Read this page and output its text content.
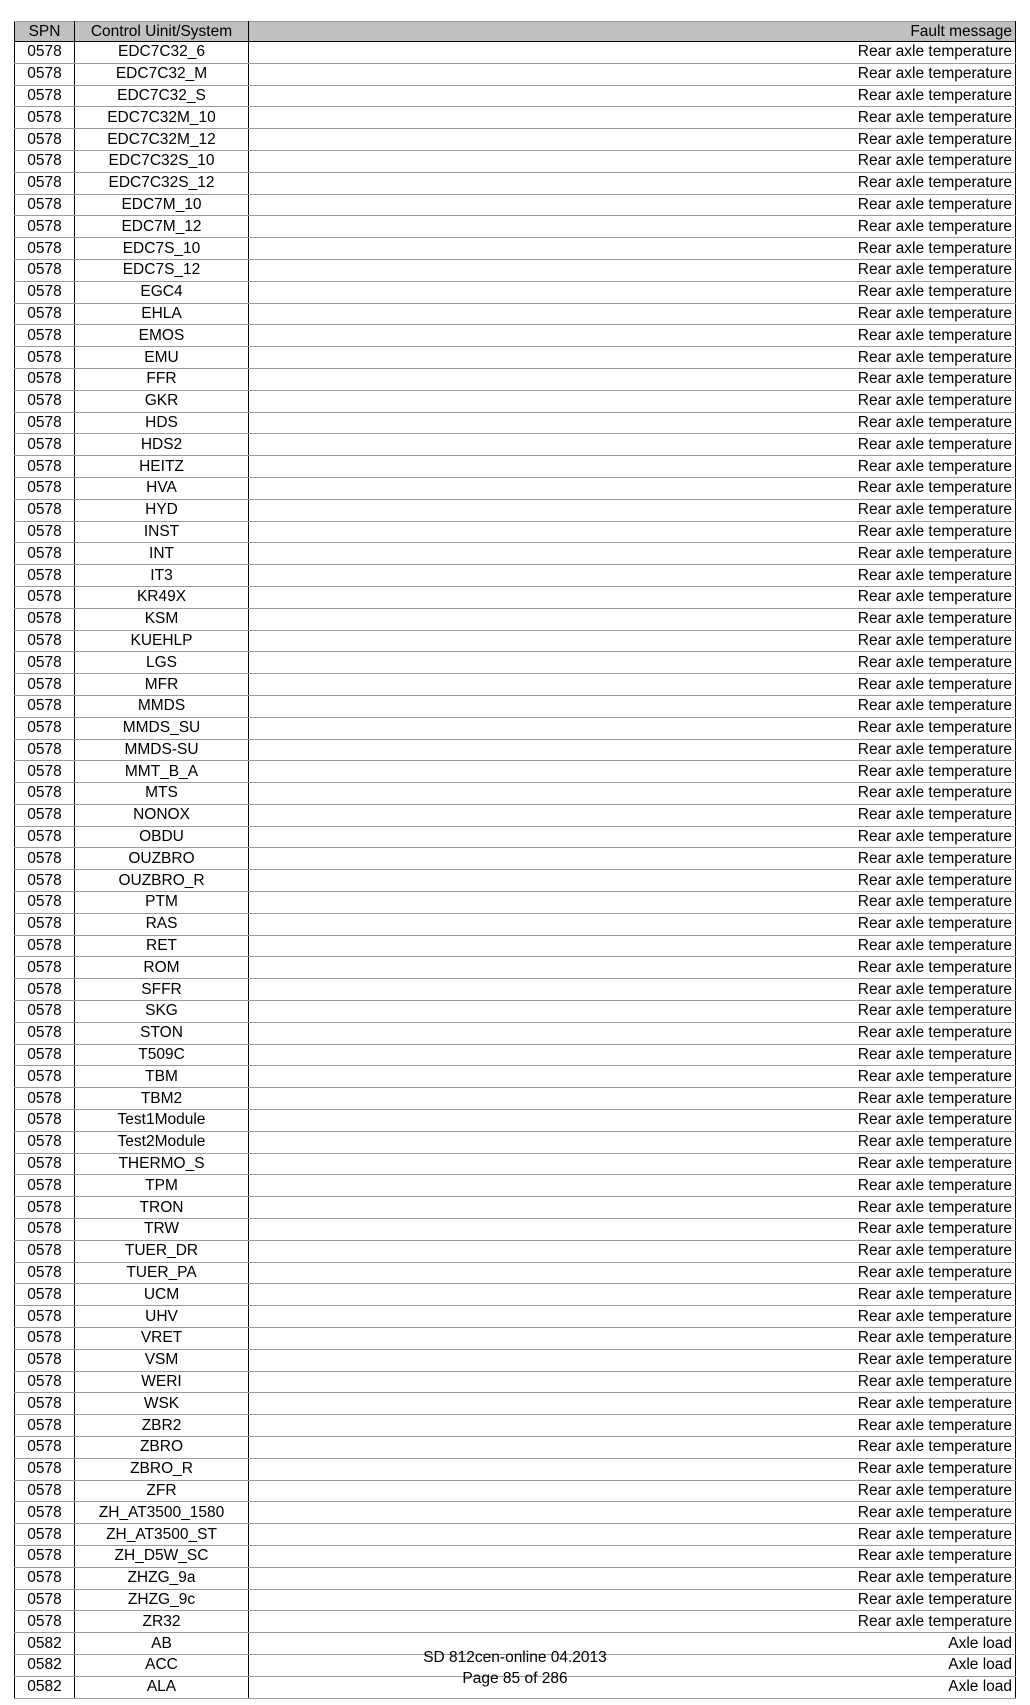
SPN	Control Uinit/System	Fault message
0578	EDC7C32_6	Rear axle temperature
0578	EDC7C32_M	Rear axle temperature
0578	EDC7C32_S	Rear axle temperature
0578	EDC7C32M_10	Rear axle temperature
0578	EDC7C32M_12	Rear axle temperature
0578	EDC7C32S_10	Rear axle temperature
0578	EDC7C32S_12	Rear axle temperature
0578	EDC7M_10	Rear axle temperature
0578	EDC7M_12	Rear axle temperature
0578	EDC7S_10	Rear axle temperature
0578	EDC7S_12	Rear axle temperature
0578	EGC4	Rear axle temperature
0578	EHLA	Rear axle temperature
0578	EMOS	Rear axle temperature
0578	EMU	Rear axle temperature
0578	FFR	Rear axle temperature
0578	GKR	Rear axle temperature
0578	HDS	Rear axle temperature
0578	HDS2	Rear axle temperature
0578	HEITZ	Rear axle temperature
0578	HVA	Rear axle temperature
0578	HYD	Rear axle temperature
0578	INST	Rear axle temperature
0578	INT	Rear axle temperature
0578	IT3	Rear axle temperature
0578	KR49X	Rear axle temperature
0578	KSM	Rear axle temperature
0578	KUEHLP	Rear axle temperature
0578	LGS	Rear axle temperature
0578	MFR	Rear axle temperature
0578	MMDS	Rear axle temperature
0578	MMDS_SU	Rear axle temperature
0578	MMDS-SU	Rear axle temperature
0578	MMT_B_A	Rear axle temperature
0578	MTS	Rear axle temperature
0578	NONOX	Rear axle temperature
0578	OBDU	Rear axle temperature
0578	OUZBRO	Rear axle temperature
0578	OUZBRO_R	Rear axle temperature
0578	PTM	Rear axle temperature
0578	RAS	Rear axle temperature
0578	RET	Rear axle temperature
0578	ROM	Rear axle temperature
0578	SFFR	Rear axle temperature
0578	SKG	Rear axle temperature
0578	STON	Rear axle temperature
0578	T509C	Rear axle temperature
0578	TBM	Rear axle temperature
0578	TBM2	Rear axle temperature
0578	Test1Module	Rear axle temperature
0578	Test2Module	Rear axle temperature
0578	THERMO_S	Rear axle temperature
0578	TPM	Rear axle temperature
0578	TRON	Rear axle temperature
0578	TRW	Rear axle temperature
0578	TUER_DR	Rear axle temperature
0578	TUER_PA	Rear axle temperature
0578	UCM	Rear axle temperature
0578	UHV	Rear axle temperature
0578	VRET	Rear axle temperature
0578	VSM	Rear axle temperature
0578	WERI	Rear axle temperature
0578	WSK	Rear axle temperature
0578	ZBR2	Rear axle temperature
0578	ZBRO	Rear axle temperature
0578	ZBRO_R	Rear axle temperature
0578	ZFR	Rear axle temperature
0578	ZH_AT3500_1580	Rear axle temperature
0578	ZH_AT3500_ST	Rear axle temperature
0578	ZH_D5W_SC	Rear axle temperature
0578	ZHZG_9a	Rear axle temperature
0578	ZHZG_9c	Rear axle temperature
0578	ZR32	Rear axle temperature
0582	AB	Axle load
0582	ACC	Axle load
0582	ALA	Axle load
SD 812cen-online 04.2013
Page 85 of 286
